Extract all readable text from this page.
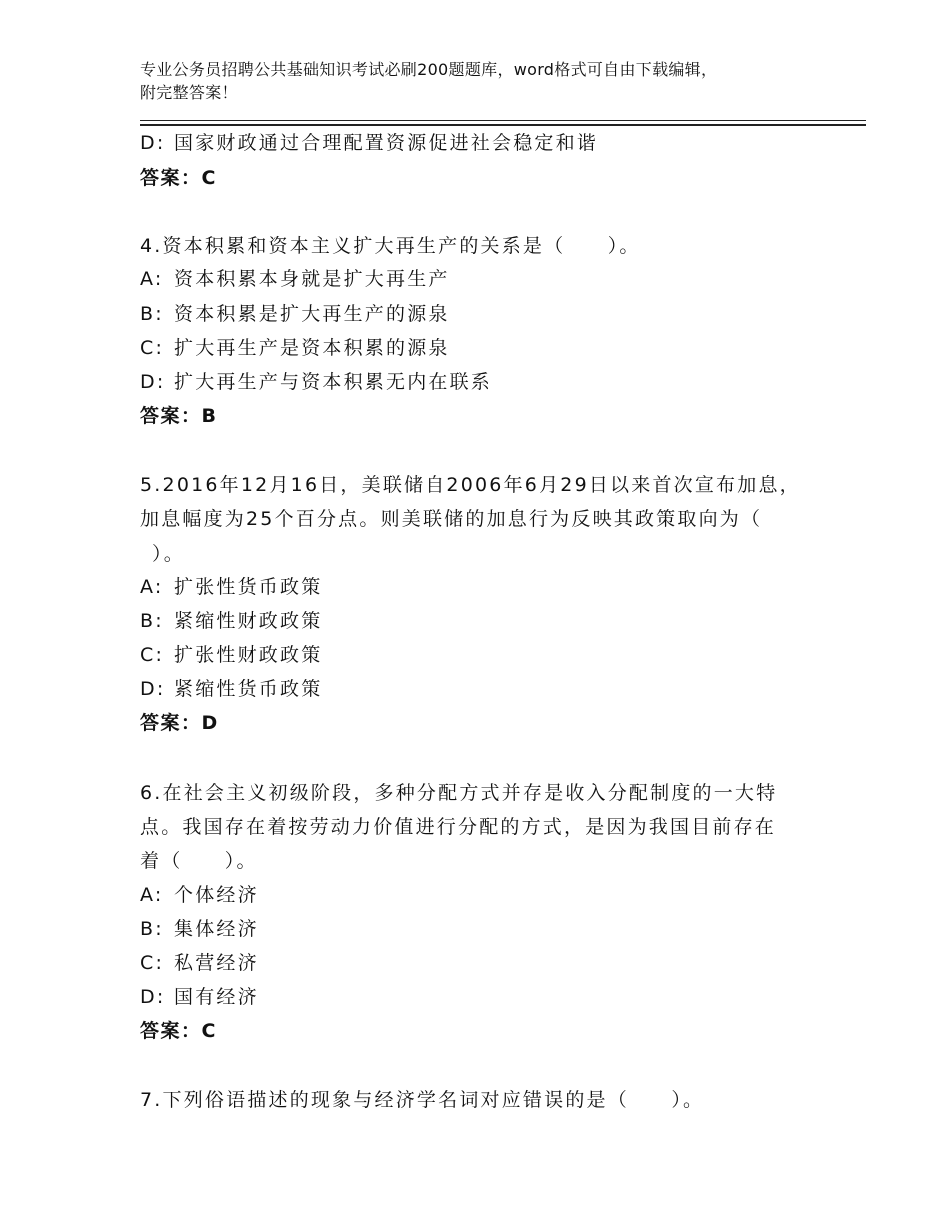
专业公务员招聘公共基础知识考试必刷200题题库，word格式可自由下载编辑，
附完整答案！
D: 国家财政通过合理配置资源促进社会稳定和谐
答案：C
4.资本积累和资本主义扩大再生产的关系是（　　）。
A: 资本积累本身就是扩大再生产
B: 资本积累是扩大再生产的源泉
C: 扩大再生产是资本积累的源泉
D: 扩大再生产与资本积累无内在联系
答案：B
5.2016年12月16日，美联储自2006年6月29日以来首次宣布加息，
加息幅度为25个百分点。则美联储的加息行为反映其政策取向为（
）。
A: 扩张性货币政策
B: 紧缩性财政政策
C: 扩张性财政政策
D: 紧缩性货币政策
答案：D
6.在社会主义初级阶段，多种分配方式并存是收入分配制度的一大特
点。我国存在着按劳动力价值进行分配的方式，是因为我国目前存在
着（　　）。
A: 个体经济
B: 集体经济
C: 私营经济
D: 国有经济
答案：C
7.下列俗语描述的现象与经济学名词对应错误的是（　　）。
